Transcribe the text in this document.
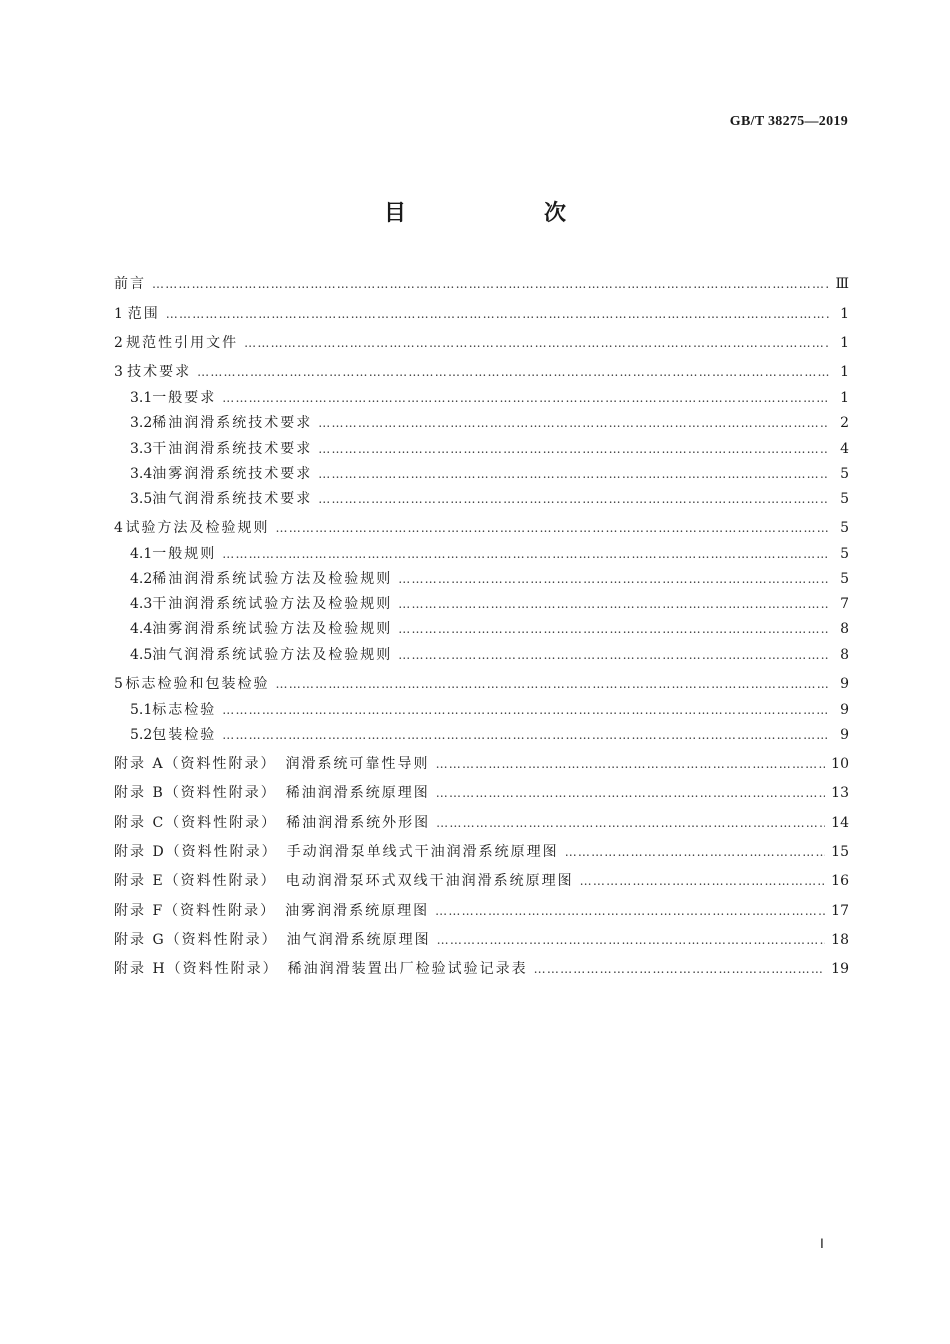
GB/T 38275—2019
目　次
前言 …………………………………………………………………………………………………………………………………………………………………………………………………………………………………………………	Ⅲ
1 范围 …………………………………………………………………………………………………………………………………………………………………………………………………………………………………………………	1
2 规范性引用文件 …………………………………………………………………………………………………………………………………………………………………………………………………………………………………………………	1
3 技术要求 …………………………………………………………………………………………………………………………………………………………………………………………………………………………………………………	1
3.1 一般要求 …………………………………………………………………………………………………………………………………………………………………………………………………………………………………………………	1
3.2 稀油润滑系统技术要求 …………………………………………………………………………………………………………………………………………………………………………………………………………………………………………………	2
3.3 干油润滑系统技术要求 …………………………………………………………………………………………………………………………………………………………………………………………………………………………………………………	4
3.4 油雾润滑系统技术要求 …………………………………………………………………………………………………………………………………………………………………………………………………………………………………………………	5
3.5 油气润滑系统技术要求 …………………………………………………………………………………………………………………………………………………………………………………………………………………………………………………	5
4 试验方法及检验规则 …………………………………………………………………………………………………………………………………………………………………………………………………………………………………………………	5
4.1 一般规则 …………………………………………………………………………………………………………………………………………………………………………………………………………………………………………………	5
4.2 稀油润滑系统试验方法及检验规则 …………………………………………………………………………………………………………………………………………………………………………………………………………………………………………………	5
4.3 干油润滑系统试验方法及检验规则 …………………………………………………………………………………………………………………………………………………………………………………………………………………………………………………	7
4.4 油雾润滑系统试验方法及检验规则 …………………………………………………………………………………………………………………………………………………………………………………………………………………………………………………	8
4.5 油气润滑系统试验方法及检验规则 …………………………………………………………………………………………………………………………………………………………………………………………………………………………………………………	8
5 标志检验和包装检验 …………………………………………………………………………………………………………………………………………………………………………………………………………………………………………………	9
5.1 标志检验 …………………………………………………………………………………………………………………………………………………………………………………………………………………………………………………	9
5.2 包装检验 …………………………………………………………………………………………………………………………………………………………………………………………………………………………………………………	9
附录 A（资料性附录）　润滑系统可靠性导则 …………………………………………………………………………………………………………………………………………………………………………………………………………………………………………………	10
附录 B（资料性附录）　稀油润滑系统原理图 …………………………………………………………………………………………………………………………………………………………………………………………………………………………………………………	13
附录 C（资料性附录）　稀油润滑系统外形图 …………………………………………………………………………………………………………………………………………………………………………………………………………………………………………………	14
附录 D（资料性附录）　手动润滑泵单线式干油润滑系统原理图 …………………………………………………………………………………………………………………………………………………………………………………………………………………………………………………	15
附录 E（资料性附录）　电动润滑泵环式双线干油润滑系统原理图 …………………………………………………………………………………………………………………………………………………………………………………………………………………………………………………	16
附录 F（资料性附录）　油雾润滑系统原理图 …………………………………………………………………………………………………………………………………………………………………………………………………………………………………………………	17
附录 G（资料性附录）　油气润滑系统原理图 …………………………………………………………………………………………………………………………………………………………………………………………………………………………………………………	18
附录 H（资料性附录）　稀油润滑装置出厂检验试验记录表 …………………………………………………………………………………………………………………………………………………………………………………………………………………………………………………	19
Ⅰ
